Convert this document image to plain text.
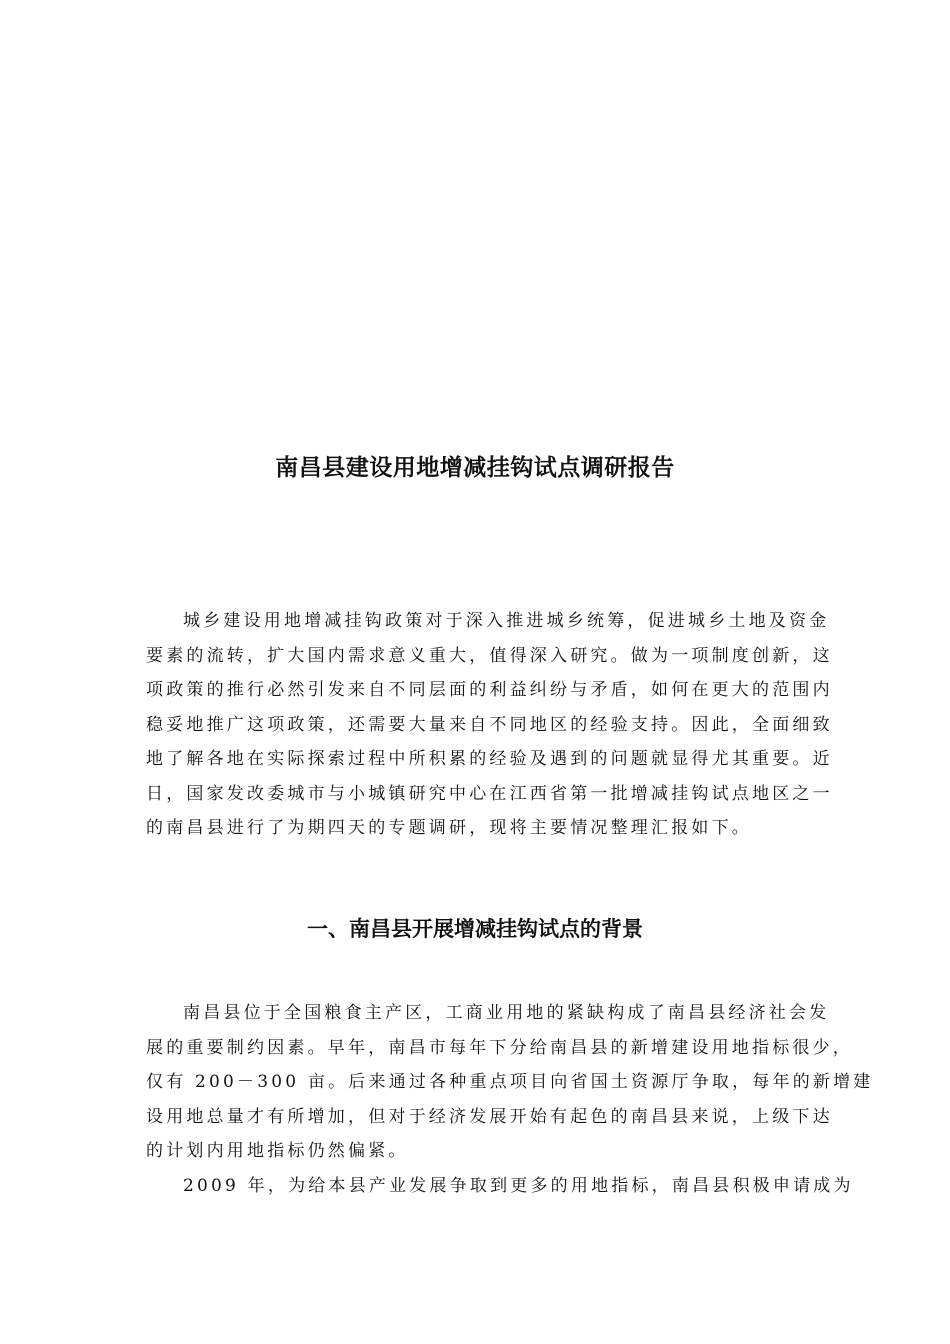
南昌县建设用地增减挂钩试点调研报告

城乡建设用地增减挂钩政策对于深入推进城乡统筹，促进城乡土地及资金
要素的流转，扩大国内需求意义重大，值得深入研究。做为一项制度创新，这
项政策的推行必然引发来自不同层面的利益纠纷与矛盾，如何在更大的范围内
稳妥地推广这项政策，还需要大量来自不同地区的经验支持。因此，全面细致
地了解各地在实际探索过程中所积累的经验及遇到的问题就显得尤其重要。近
日，国家发改委城市与小城镇研究中心在江西省第一批增减挂钩试点地区之一
的南昌县进行了为期四天的专题调研，现将主要情况整理汇报如下。

一、南昌县开展增减挂钩试点的背景

南昌县位于全国粮食主产区，工商业用地的紧缺构成了南昌县经济社会发
展的重要制约因素。早年，南昌市每年下分给南昌县的新增建设用地指标很少，
仅有 200－300 亩。后来通过各种重点项目向省国土资源厅争取，每年的新增建
设用地总量才有所增加，但对于经济发展开始有起色的南昌县来说，上级下达
的计划内用地指标仍然偏紧。

2009 年，为给本县产业发展争取到更多的用地指标，南昌县积极申请成为
